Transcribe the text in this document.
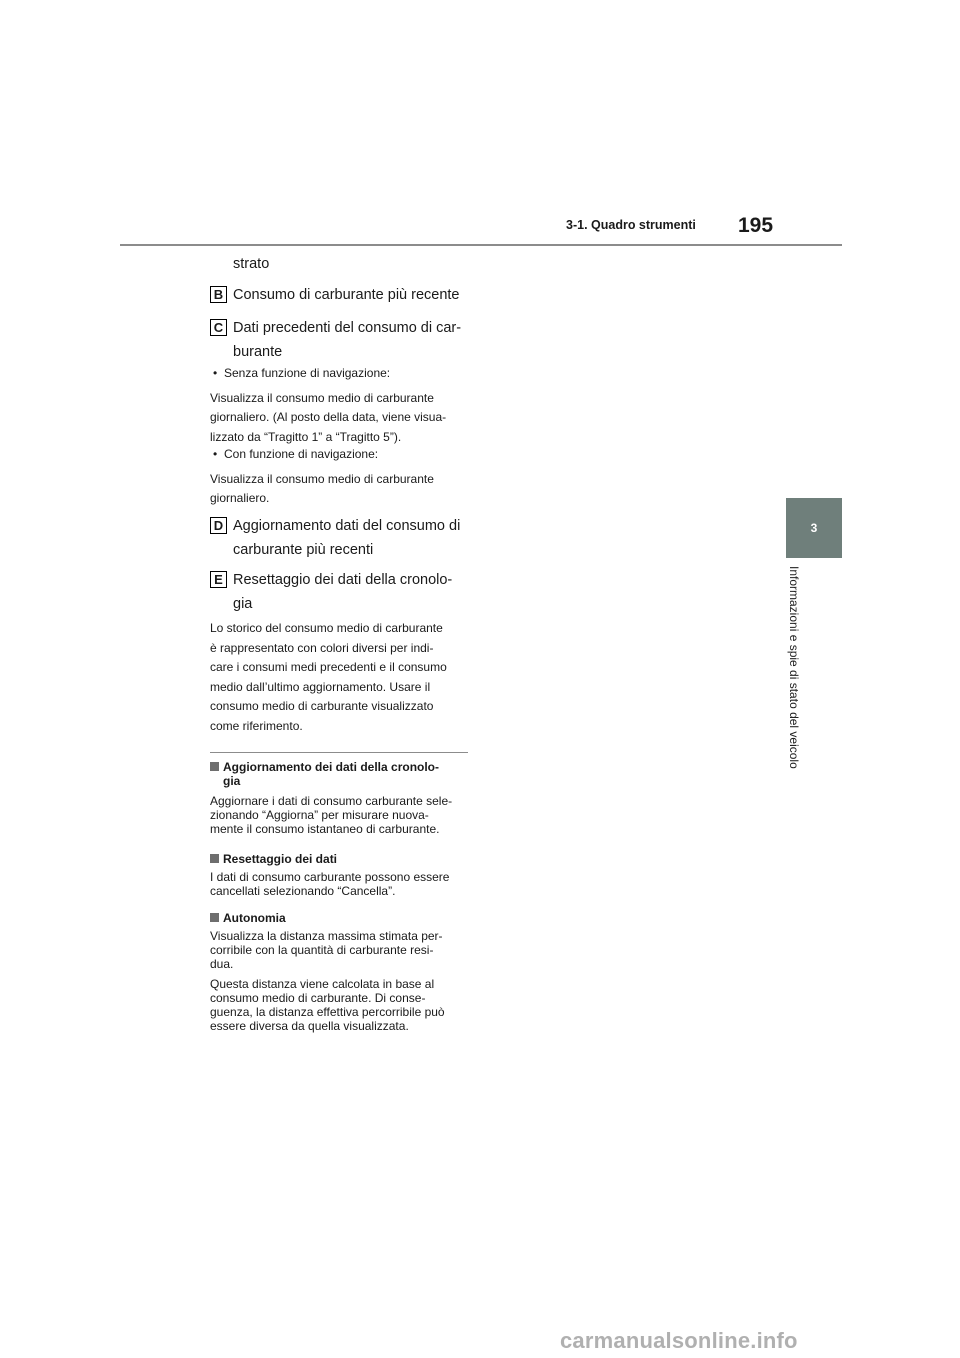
3-1. Quadro strumenti 195
3
Informazioni e spie di stato del veicolo
strato
B Consumo di carburante più recente
C Dati precedenti del consumo di car-
burante
• Senza funzione di navigazione:
Visualizza il consumo medio di carburante
giornaliero. (Al posto della data, viene visua-
lizzato da “Tragitto 1” a “Tragitto 5”).
• Con funzione di navigazione:
Visualizza il consumo medio di carburante
giornaliero.
D Aggiornamento dati del consumo di
carburante più recenti
E Resettaggio dei dati della cronolo-
gia
Lo storico del consumo medio di carburante
è rappresentato con colori diversi per indi-
care i consumi medi precedenti e il consumo
medio dall’ultimo aggiornamento. Usare il
consumo medio di carburante visualizzato
come riferimento.
Aggiornamento dei dati della cronolo-
gia
Aggiornare i dati di consumo carburante sele-
zionando “Aggiorna” per misurare nuova-
mente il consumo istantaneo di carburante.
Resettaggio dei dati
I dati di consumo carburante possono essere
cancellati selezionando “Cancella”.
Autonomia
Visualizza la distanza massima stimata per-
corribile con la quantità di carburante resi-
dua.
Questa distanza viene calcolata in base al
consumo medio di carburante. Di conse-
guenza, la distanza effettiva percorribile può
essere diversa da quella visualizzata.
carmanualsonline.info
